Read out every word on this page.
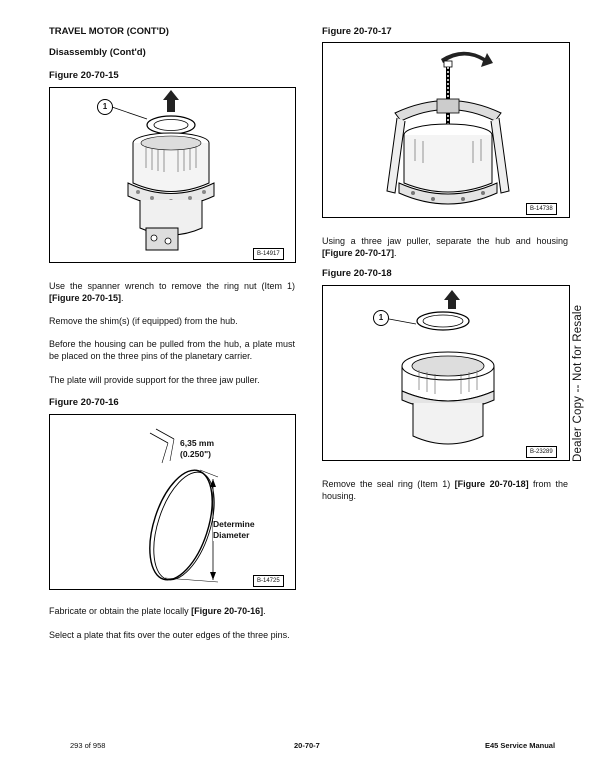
TRAVEL MOTOR (CONT'D)
Disassembly (Cont'd)
Figure 20-70-15
1
B-14917
Use the spanner wrench to remove the ring nut (Item 1) [Figure 20-70-15].
Remove the shim(s) (if equipped) from the hub.
Before the housing can be pulled from the hub, a plate must be placed on the three pins of the planetary carrier.
The plate will provide support for the three jaw puller.
Figure 20-70-16
6,35 mm
(0.250")
Determine
Diameter
B-14725
Fabricate or obtain the plate locally [Figure 20-70-16].
Select a plate that fits over the outer edges of the three pins.
Figure 20-70-17
B-14738
Using a three jaw puller, separate the hub and housing [Figure 20-70-17].
Figure 20-70-18
1
B-23289
Remove the seal ring (Item 1) [Figure 20-70-18] from the housing.
Dealer Copy -- Not for Resale
293 of 958	20-70-7	E45 Service Manual
